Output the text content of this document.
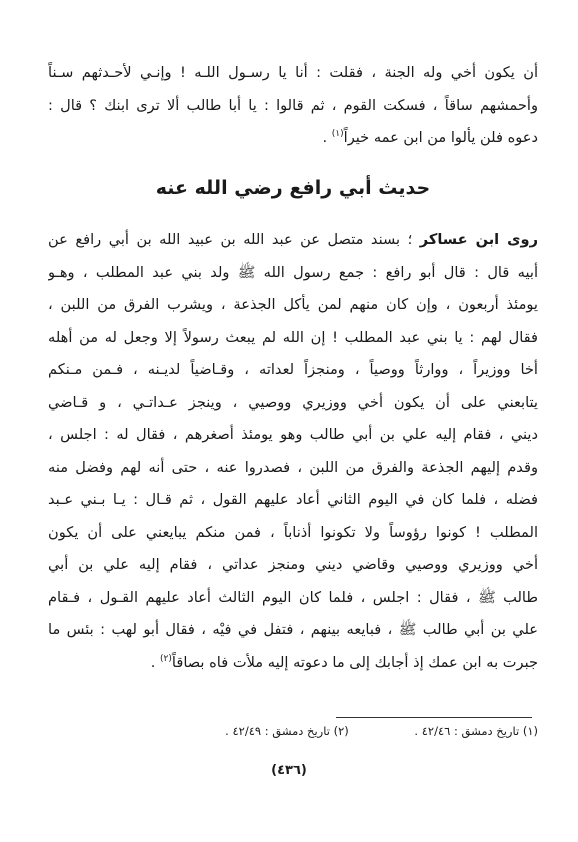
أن يكون أخي وله الجنة ، فقلت : أنا يا رسـول اللـه ! وإنـي لأحـدثهم سـناً
وأحمشهم ساقاً ، فسكت القوم ، ثم قالوا : يا أبا طالب ألا ترى ابنك ؟ قال :
دعوه فلن يألوا من ابن عمه خيراً$^{(١)}$ .
حديث أبي رافع رضي الله عنه
روى ابن عساكر ؛ بسند متصل عن عبد الله بن عبيد الله بن أبي رافع عن
أبيه قال : قال أبو رافع : جمع رسول الله ﷺ ولد بني عبد المطلب ، وهـو
يومئذ أربعون ، وإن كان منهم لمن يأكل الجذعة ، ويشرب الفرق من اللبن ،
فقال لهم : يا بني عبد المطلب ! إن الله لم يبعث رسولاً إلا وجعل له من أهله
أخا ووزيراً ، ووارثاً ووصياً ، ومنجزاً لعداته ، وقـاضياً لديـنه ، فـمن مـنكم
يتابعني على أن يكون أخي ووزيري ووصيي ، وينجز عـداتـي ، و قـاضي
ديني ، فقام إليه علي بن أبي طالب وهو يومئذ أصغرهم ، فقال له : اجلس ،
وقدم إليهم الجذعة والفرق من اللبن ، فصدروا عنه ، حتى أنه لهم وفضل منه
فضله ، فلما كان في اليوم الثاني أعاد عليهم القول ، ثم قـال : يـا بـني عـبد
المطلب ! كونوا رؤوساً ولا تكونوا أذناباً ، فمن منكم يبايعني على أن يكون
أخي ووزيري ووصيي وقاضي ديني ومنجز عداتي ، فقام إليه علي بن أبي
طالب ﷺ ، فقال : اجلس ، فلما كان اليوم الثالث أعاد عليهم القـول ، فـقام
علي بن أبي طالب ﷺ ، فبايعه بينهم ، فتفل في فيْه ، فقال أبو لهب : بئس ما
جبرت به ابن عمك إذ أجابك إلى ما دعوته إليه ملأت فاه بصاقاً$^{(٢)}$ .
(١) تاريخ دمشق : ٤٢/٤٦ . (٢) تاريخ دمشق : ٤٢/٤٩ .
(٤٣٦)
